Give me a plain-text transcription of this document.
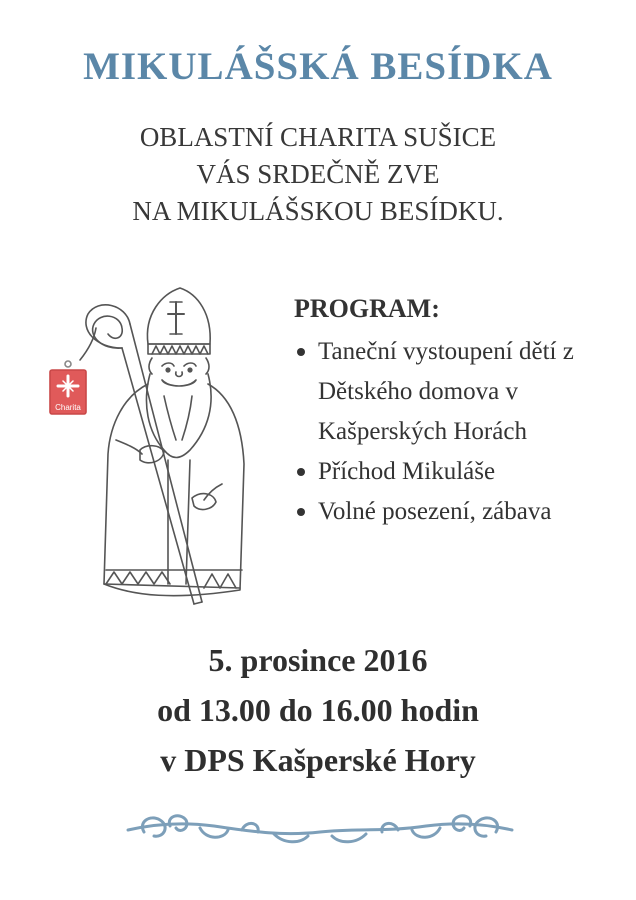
MIKULÁŠSKÁ BESÍDKA
OBLASTNÍ CHARITA SUŠICE
VÁS SRDEČNĚ ZVE
NA MIKULÁŠSKOU BESÍDKU.
Charita
PROGRAM:
Taneční vystoupení dětí z Dětského domova v Kašperských Horách
Příchod Mikuláše
Volné posezení, zábava
5. prosince 2016
od 13.00 do 16.00 hodin
v DPS Kašperské Hory
